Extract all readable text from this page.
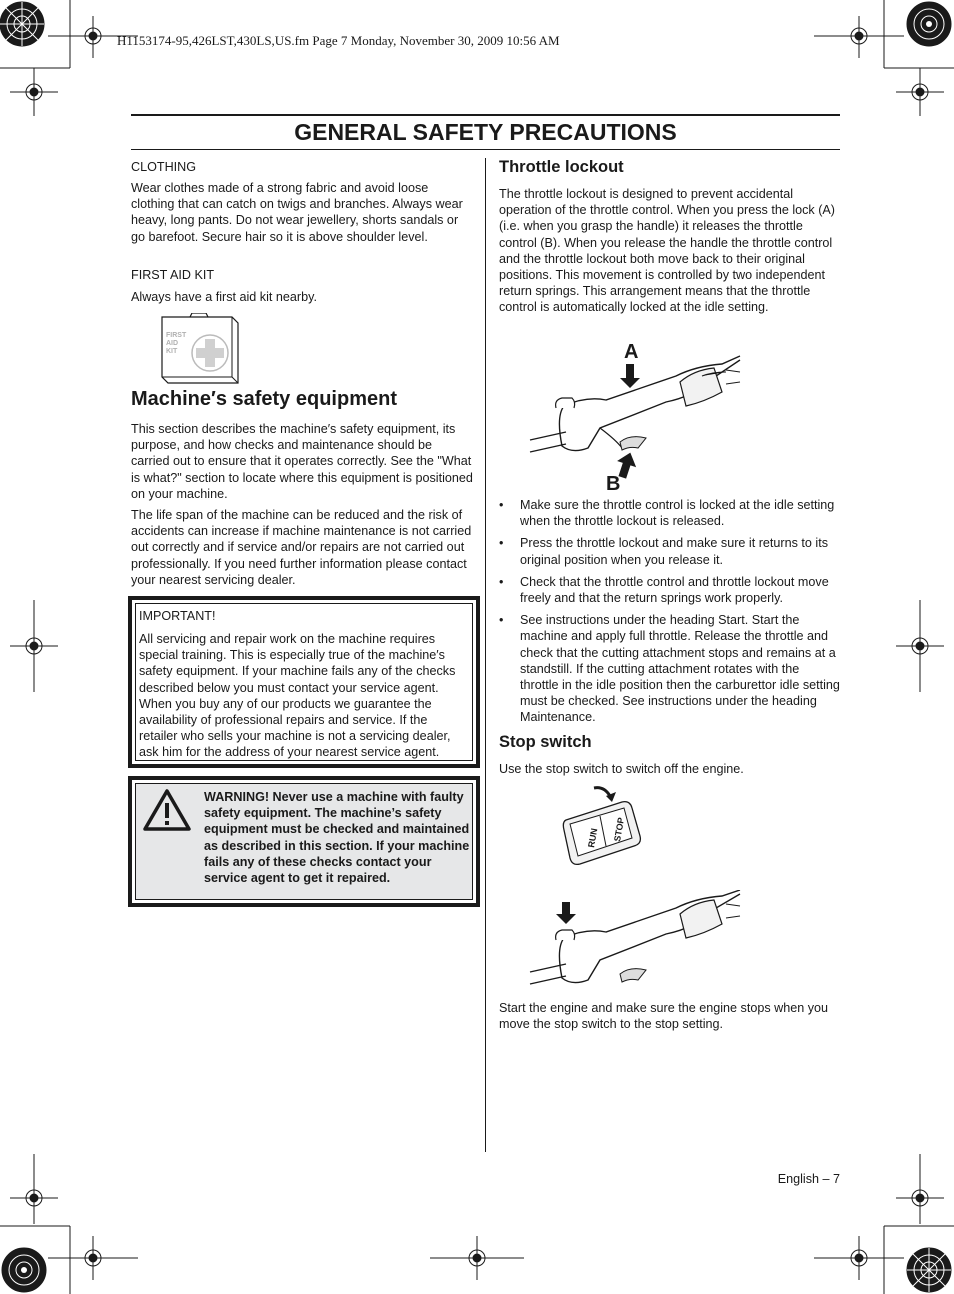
H1153174-95,426LST,430LS,US.fm Page 7 Monday, November 30, 2009 10:56 AM
GENERAL SAFETY PRECAUTIONS
CLOTHING

Wear clothes made of a strong fabric and avoid loose clothing that can catch on twigs and branches. Always wear heavy, long pants. Do not wear jewellery, shorts sandals or go barefoot. Secure hair so it is above shoulder level.

FIRST AID KIT

Always have a first aid kit nearby.

FIRST
AID
KIT
Machine′s safety equipment

This section describes the machine′s safety equipment, its purpose, and how checks and maintenance should be carried out to ensure that it operates correctly. See the "What is what?" section to locate where this equipment is positioned on your machine.

The life span of the machine can be reduced and the risk of accidents can increase if machine maintenance is not carried out correctly and if service and/or repairs are not carried out professionally. If you need further information please contact your nearest servicing dealer.

IMPORTANT!

All servicing and repair work on the machine requires special training. This is especially true of the machine′s safety equipment. If your machine fails any of the checks described below you must contact your service agent. When you buy any of our products we guarantee the availability of professional repairs and service. If the retailer who sells your machine is not a servicing dealer, ask him for the address of your nearest service agent.

WARNING! Never use a machine with faulty safety equipment. The machine’s safety equipment must be checked and maintained as described in this section. If your machine fails any of these checks contact your service agent to get it repaired.

Throttle lockout

The throttle lockout is designed to prevent accidental operation of the throttle control. When you press the lock (A) (i.e. when you grasp the handle) it releases the throttle control (B). When you release the handle the throttle control and the throttle lockout both move back to their original positions. This movement is controlled by two independent return springs. This arrangement means that the throttle control is automatically locked at the idle setting.

A
B
• Make sure the throttle control is locked at the idle setting when the throttle lockout is released.
• Press the throttle lockout and make sure it returns to its original position when you release it.
• Check that the throttle control and throttle lockout move freely and that the return springs work properly.
• See instructions under the heading Start. Start the machine and apply full throttle. Release the throttle and check that the cutting attachment stops and remains at a standstill. If the cutting attachment rotates with the throttle in the idle position then the carburettor idle setting must be checked. See instructions under the heading Maintenance.
Stop switch

Use the stop switch to switch off the engine.

RUN STOP

Start the engine and make sure the engine stops when you move the stop switch to the stop setting.

English – 7
